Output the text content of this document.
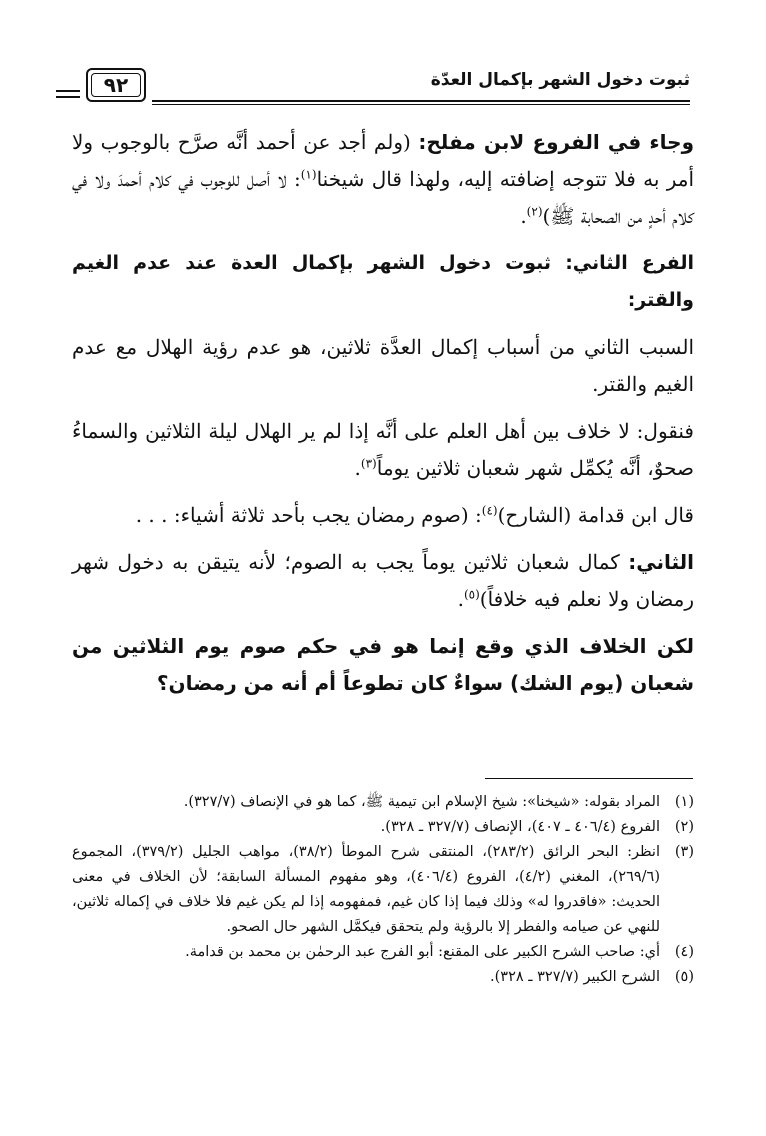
٩٢	ثبوت دخول الشهر بإكمال العدّة

وجاء في الفروع لابن مفلح: (ولم أجد عن أحمد أنَّه صرَّح بالوجوب ولا أمر به فلا تتوجه إضافته إليه، ولهذا قال شيخنا$^{(١)}$: لا أصل للوجوب في كلام أحمدَ ولا في كلام أحدٍ من الصحابة ﷺ)$^{(٢)}$.

الفرع الثاني: ثبوت دخول الشهر بإكمال العدة عند عدم الغيم والقتر:

السبب الثاني من أسباب إكمال العدَّة ثلاثين، هو عدم رؤية الهلال مع عدم الغيم والقتر.

فنقول: لا خلاف بين أهل العلم على أنَّه إذا لم ير الهلال ليلة الثلاثين والسماءُ صحوٌ، أنَّه يُكمِّل شهر شعبان ثلاثين يوماً$^{(٣)}$.

قال ابن قدامة (الشارح)$^{(٤)}$: (صوم رمضان يجب بأحد ثلاثة أشياء: . . .

الثاني: كمال شعبان ثلاثين يوماً يجب به الصوم؛ لأنه يتيقن به دخول شهر رمضان ولا نعلم فيه خلافاً)$^{(٥)}$.

لكن الخلاف الذي وقع إنما هو في حكم صوم يوم الثلاثين من شعبان (يوم الشك) سواءٌ كان تطوعاً أم أنه من رمضان؟

(١)
المراد بقوله: «شيخنا»: شيخ الإسلام ابن تيمية ﷺ، كما هو في الإنصاف (٣٢٧/٧).
(٢)
الفروع (٤٠٦/٤ ـ ٤٠٧)، الإنصاف (٣٢٧/٧ ـ ٣٢٨).
(٣)
انظر: البحر الرائق (٢٨٣/٢)، المنتقى شرح الموطأ (٣٨/٢)، مواهب الجليل (٣٧٩/٢)، المجموع (٢٦٩/٦)، المغني (٤/٢)، الفروع (٤٠٦/٤)، وهو مفهوم المسألة السابقة؛ لأن الخلاف في معنى الحديث: «فاقدروا له» وذلك فيما إذا كان غيم، فمفهومه إذا لم يكن غيم فلا خلاف في إكماله ثلاثين، للنهي عن صيامه والفطر إلا بالرؤية ولم يتحقق فيكمَّل الشهر حال الصحو.
(٤)
أي: صاحب الشرح الكبير على المقنع: أبو الفرج عبد الرحمٰن بن محمد بن قدامة.
(٥)
الشرح الكبير (٣٢٧/٧ ـ ٣٢٨).
